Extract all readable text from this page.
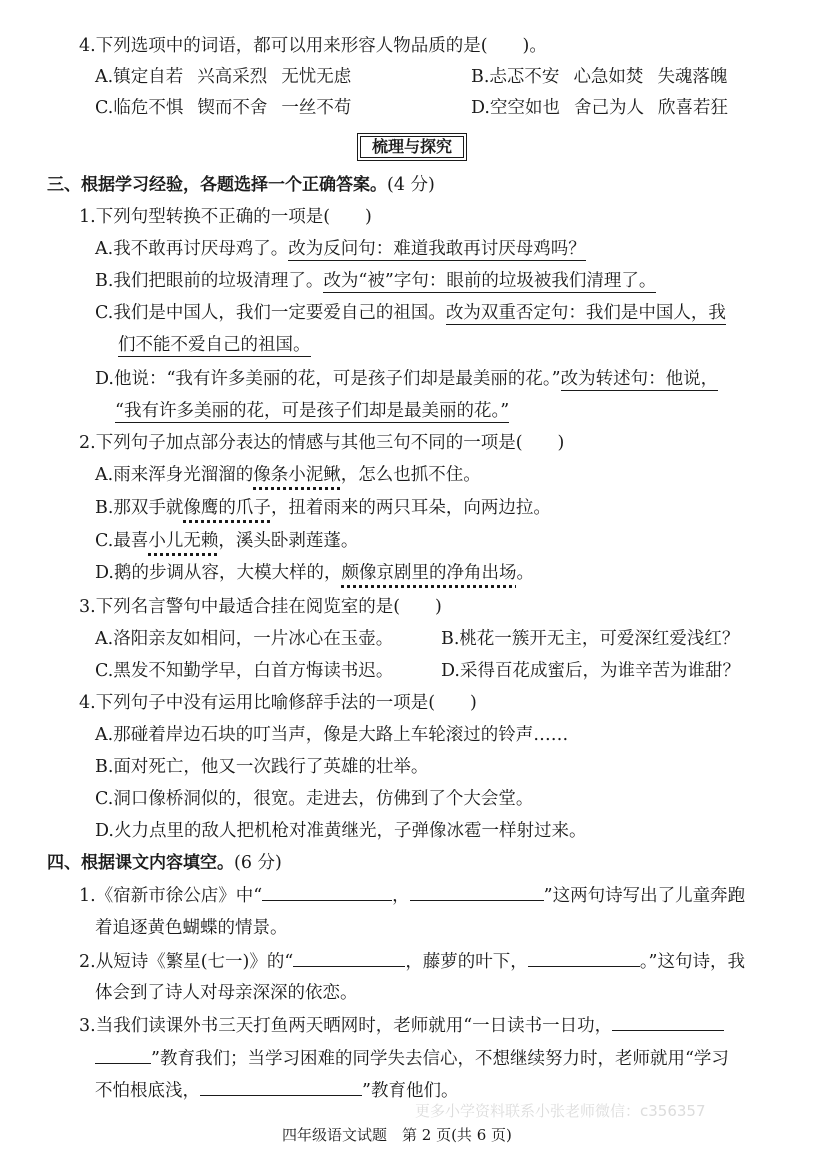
4.下列选项中的词语，都可以用来形容人物品质的是(　　)。
A.镇定自若 兴高采烈 无忧无虑	B.忐忑不安 心急如焚 失魂落魄
C.临危不惧 锲而不舍 一丝不苟	D.空空如也 舍己为人 欣喜若狂
梳理与探究
三、根据学习经验，各题选择一个正确答案。(4 分)
1.下列句型转换不正确的一项是(　　)
A.我不敢再讨厌母鸡了。改为反问句：难道我敢再讨厌母鸡吗？
B.我们把眼前的垃圾清理了。改为“被”字句：眼前的垃圾被我们清理了。
C.我们是中国人，我们一定要爱自己的祖国。改为双重否定句：我们是中国人，我
们不能不爱自己的祖国。
D.他说：“我有许多美丽的花，可是孩子们却是最美丽的花。”改为转述句：他说，
“我有许多美丽的花，可是孩子们却是最美丽的花。”
2.下列句子加点部分表达的情感与其他三句不同的一项是(　　)
A.雨来浑身光溜溜的像条小泥鳅，怎么也抓不住。
B.那双手就像鹰的爪子，扭着雨来的两只耳朵，向两边拉。
C.最喜小儿无赖，溪头卧剥莲蓬。
D.鹅的步调从容，大模大样的，颇像京剧里的净角出场。
3.下列名言警句中最适合挂在阅览室的是(　　)
A.洛阳亲友如相问，一片冰心在玉壶。	B.桃花一簇开无主，可爱深红爱浅红？
C.黑发不知勤学早，白首方悔读书迟。	D.采得百花成蜜后，为谁辛苦为谁甜？
4.下列句子中没有运用比喻修辞手法的一项是(　　)
A.那碰着岸边石块的叮当声，像是大路上车轮滚过的铃声……
B.面对死亡，他又一次践行了英雄的壮举。
C.洞口像桥洞似的，很宽。走进去，仿佛到了个大会堂。
D.火力点里的敌人把机枪对准黄继光，子弹像冰雹一样射过来。
四、根据课文内容填空。(6 分)
1.《宿新市徐公店》中“	，	”这两句诗写出了儿童奔跑
着追逐黄色蝴蝶的情景。
2.从短诗《繁星(七一)》的“	，藤萝的叶下，	。”这句诗，我
体会到了诗人对母亲深深的依恋。
3.当我们读课外书三天打鱼两天晒网时，老师就用“一日读书一日功，
”教育我们；当学习困难的同学失去信心，不想继续努力时，老师就用“学习
不怕根底浅，	”教育他们。
更多小学资料联系小张老师微信：c356357
四年级语文试题　第 2 页(共 6 页)
